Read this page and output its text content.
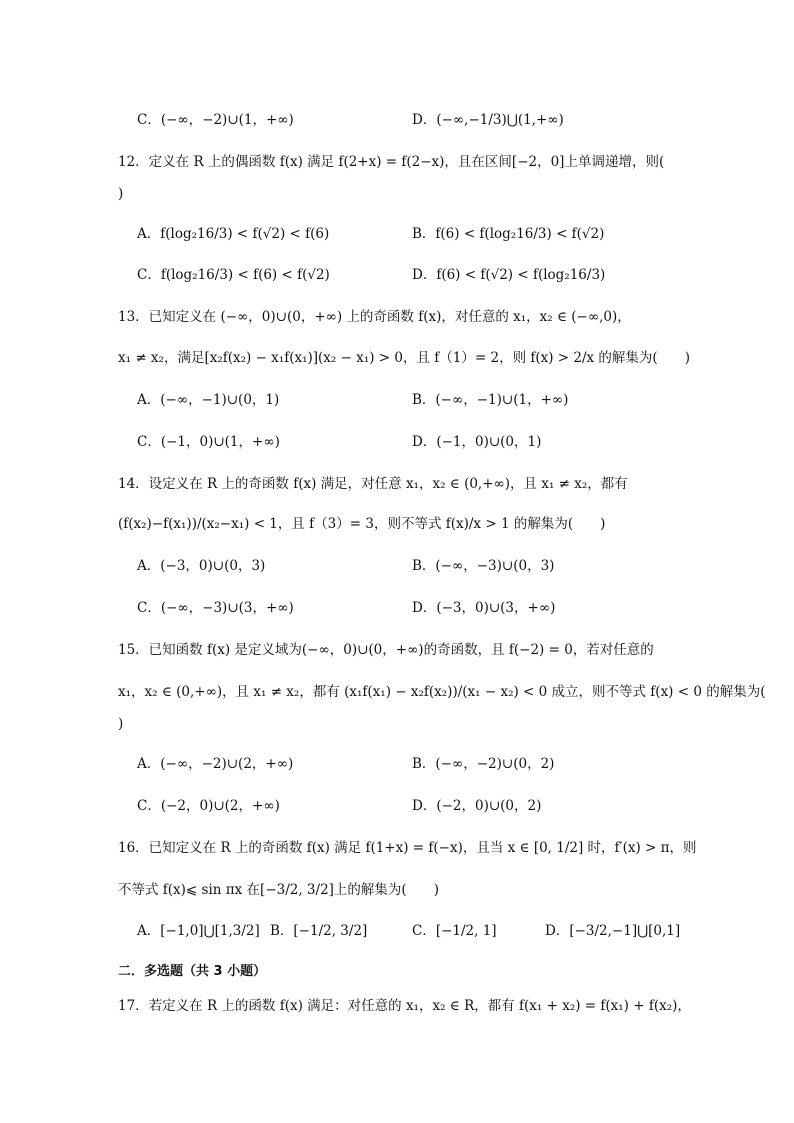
C．(−∞，−2)∪(1，+∞)	D．(−∞,−1/3)⋃(1,+∞)
12．定义在 R 上的偶函数 f(x) 满足 f(2+x) = f(2−x)，且在区间[−2，0]上单调递增，则(
)
A．f(log₂16/3) < f(√2) < f(6)	B．f(6) < f(log₂16/3) < f(√2)
C．f(log₂16/3) < f(6) < f(√2)	D．f(6) < f(√2) < f(log₂16/3)
13．已知定义在 (−∞，0)∪(0，+∞) 上的奇函数 f(x)，对任意的 x₁，x₂ ∈ (−∞,0)，
x₁ ≠ x₂，满足[x₂f(x₂) − x₁f(x₁)](x₂ − x₁) > 0，且 f（1）= 2，则 f(x) > 2/x 的解集为(　　)
A．(−∞，−1)∪(0，1)	B．(−∞，−1)∪(1，+∞)
C．(−1，0)∪(1，+∞)	D．(−1，0)∪(0，1)
14．设定义在 R 上的奇函数 f(x) 满足，对任意 x₁，x₂ ∈ (0,+∞)，且 x₁ ≠ x₂，都有
(f(x₂)−f(x₁))/(x₂−x₁) < 1，且 f（3）= 3，则不等式 f(x)/x > 1 的解集为(　　)
A．(−3，0)∪(0，3)	B．(−∞，−3)∪(0，3)
C．(−∞，−3)∪(3，+∞)	D．(−3，0)∪(3，+∞)
15．已知函数 f(x) 是定义域为(−∞，0)∪(0，+∞)的奇函数，且 f(−2) = 0，若对任意的
x₁，x₂ ∈ (0,+∞)，且 x₁ ≠ x₂，都有 (x₁f(x₁) − x₂f(x₂))/(x₁ − x₂) < 0 成立，则不等式 f(x) < 0 的解集为(
)
A．(−∞，−2)∪(2，+∞)	B．(−∞，−2)∪(0，2)
C．(−2，0)∪(2，+∞)	D．(−2，0)∪(0，2)
16．已知定义在 R 上的奇函数 f(x) 满足 f(1+x) = f(−x)，且当 x ∈ [0, 1/2] 时，f′(x) > π，则
不等式 f(x)⩽ sin πx 在[−3/2, 3/2]上的解集为(　　)
A．[−1,0]⋃[1,3/2] B．[−1/2, 3/2]	C．[−1/2, 1]	D．[−3/2,−1]⋃[0,1]
二．多选题（共 3 小题）
17．若定义在 R 上的函数 f(x) 满足：对任意的 x₁，x₂ ∈ R，都有 f(x₁ + x₂) = f(x₁) + f(x₂)，
